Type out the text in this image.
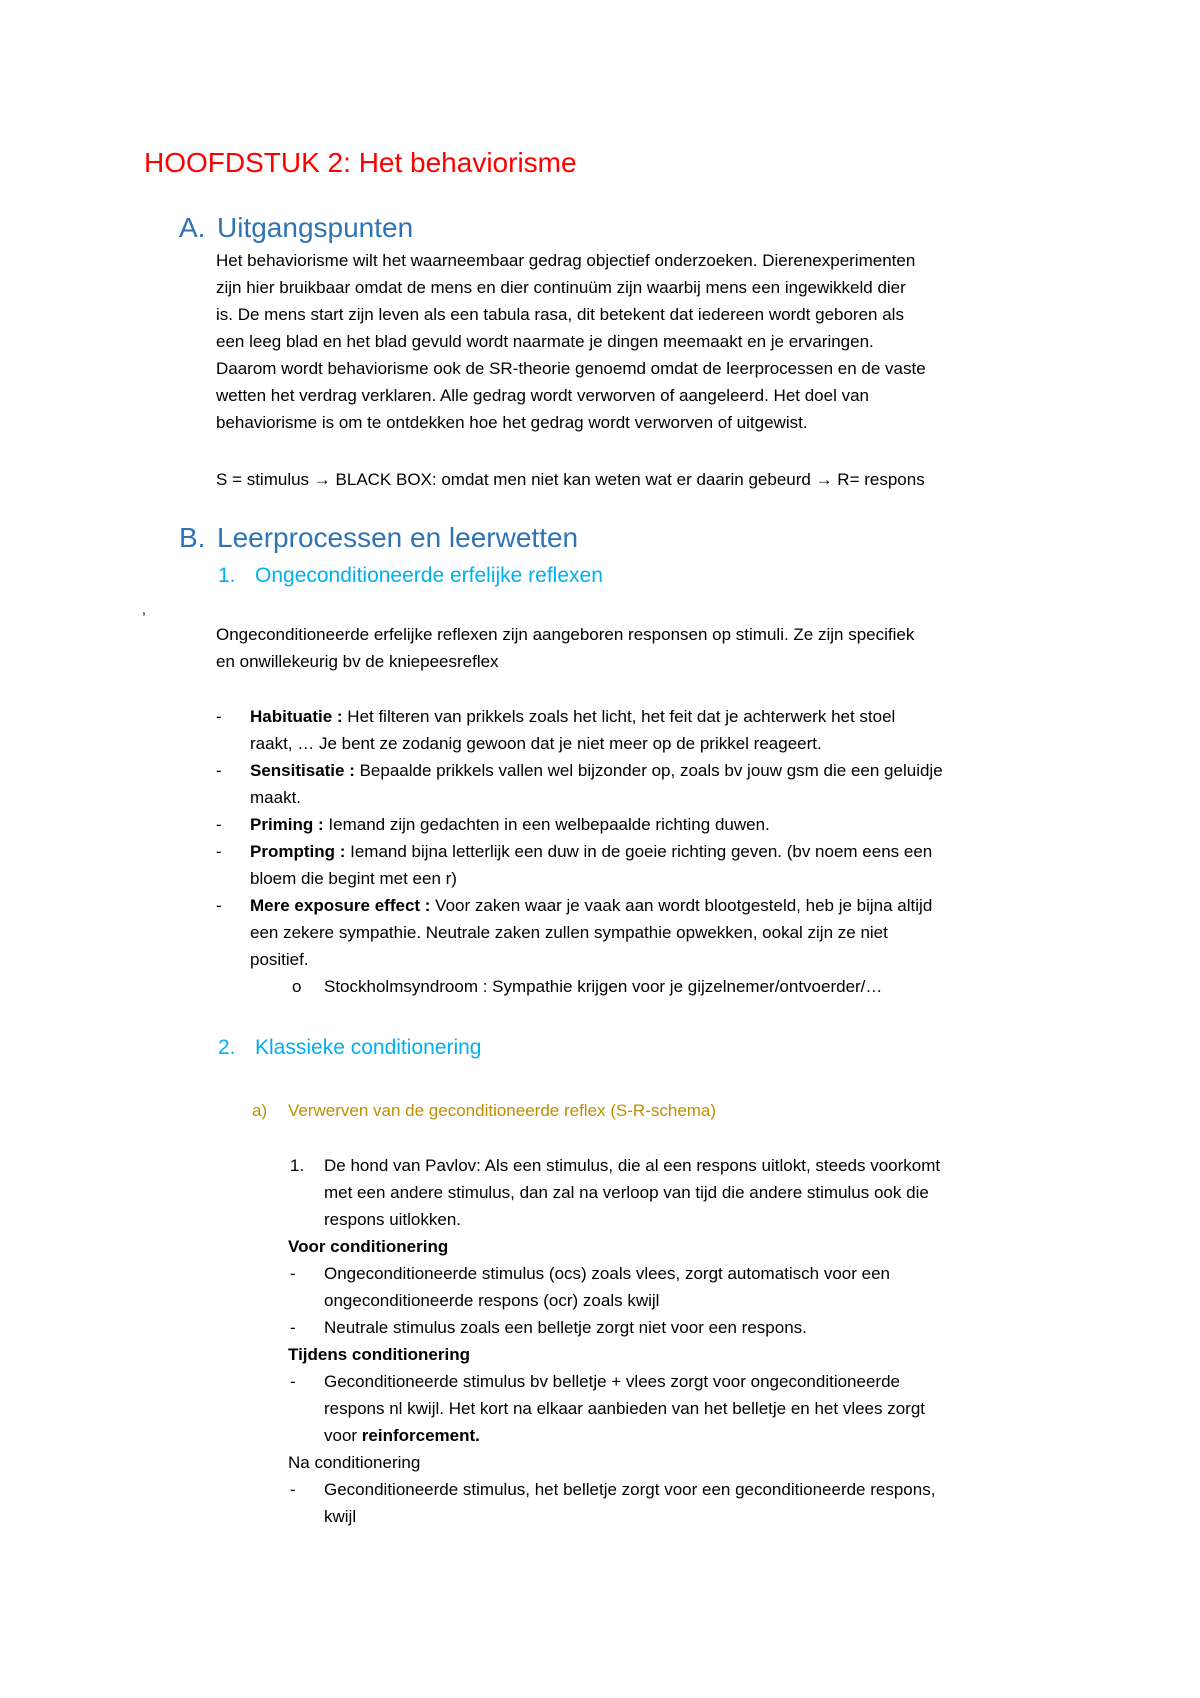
HOOFDSTUK 2: Het behaviorisme
A. Uitgangspunten

Het behaviorisme wilt het waarneembaar gedrag objectief onderzoeken. Dierenexperimenten

zijn hier bruikbaar omdat de mens en dier continuüm zijn waarbij mens een ingewikkeld dier

is. De mens start zijn leven als een tabula rasa, dit betekent dat iedereen wordt geboren als

een leeg blad en het blad gevuld wordt naarmate je dingen meemaakt en je ervaringen.

Daarom wordt behaviorisme ook de SR-theorie genoemd omdat de leerprocessen en de vaste

wetten het verdrag verklaren. Alle gedrag wordt verworven of aangeleerd. Het doel van

behaviorisme is om te ontdekken hoe het gedrag wordt verworven of uitgewist.

S = stimulus → BLACK BOX: omdat men niet kan weten wat er daarin gebeurd → R= respons
B. Leerprocessen en leerwetten
1. Ongeconditioneerde erfelijke reflexen
,

Ongeconditioneerde erfelijke reflexen zijn aangeboren responsen op stimuli. Ze zijn specifiek

en onwillekeurig bv de kniepeesreflex

- Habituatie : Het filteren van prikkels zoals het licht, het feit dat je achterwerk het stoel
raakt, … Je bent ze zodanig gewoon dat je niet meer op de prikkel reageert.
- Sensitisatie : Bepaalde prikkels vallen wel bijzonder op, zoals bv jouw gsm die een geluidje
maakt.
- Priming : Iemand zijn gedachten in een welbepaalde richting duwen.
- Prompting : Iemand bijna letterlijk een duw in de goeie richting geven. (bv noem eens een
bloem die begint met een r)
- Mere exposure effect : Voor zaken waar je vaak aan wordt blootgesteld, heb je bijna altijd
een zekere sympathie. Neutrale zaken zullen sympathie opwekken, ookal zijn ze niet
positief.
o Stockholmsyndroom : Sympathie krijgen voor je gijzelnemer/ontvoerder/…
2. Klassieke conditionering
a) Verwerven van de geconditioneerde reflex (S-R-schema)
1. De hond van Pavlov: Als een stimulus, die al een respons uitlokt, steeds voorkomt
met een andere stimulus, dan zal na verloop van tijd die andere stimulus ook die
respons uitlokken.
Voor conditionering
- Ongeconditioneerde stimulus (ocs) zoals vlees, zorgt automatisch voor een
ongeconditioneerde respons (ocr) zoals kwijl
- Neutrale stimulus zoals een belletje zorgt niet voor een respons.
Tijdens conditionering
- Geconditioneerde stimulus bv belletje + vlees zorgt voor ongeconditioneerde
respons nl kwijl. Het kort na elkaar aanbieden van het belletje en het vlees zorgt
voor reinforcement.
Na conditionering
- Geconditioneerde stimulus, het belletje zorgt voor een geconditioneerde respons,
kwijl
